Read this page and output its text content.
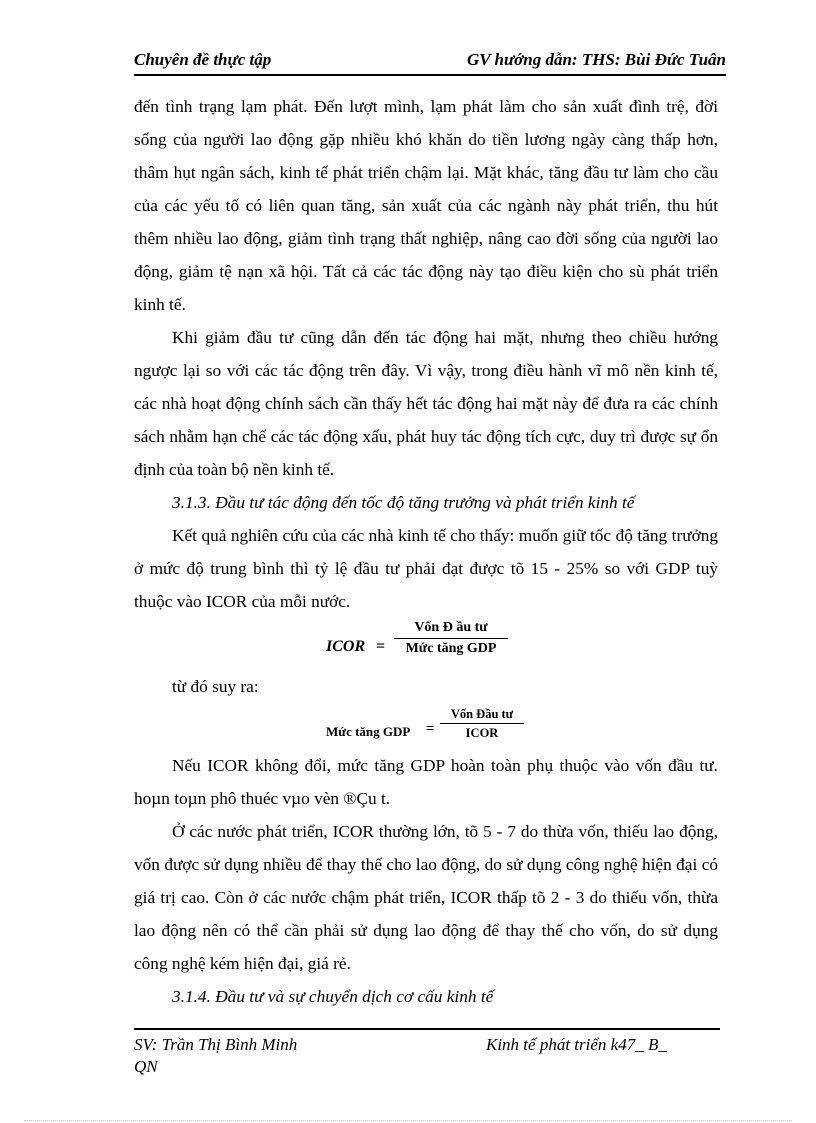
Chuyên đề thực tập	GV hướng dẫn: THS: Bùi Đức Tuân

đến tình trạng lạm phát. Đến lượt mình, lạm phát làm cho sản xuất đình trệ, đời sống của người lao động gặp nhiều khó khăn do tiền lương ngày càng thấp hơn, thâm hụt ngân sách, kinh tế phát triển chậm lại. Mặt khác, tăng đầu tư làm cho cầu của các yếu tố có liên quan tăng, sản xuất của các ngành này phát triển, thu hút thêm nhiều lao động, giảm tình trạng thất nghiệp, nâng cao đời sống của người lao động, giảm tệ nạn xã hội. Tất cả các tác động này tạo điều kiện cho sù phát triển kinh tế.

Khi giảm đầu tư cũng dẫn đến tác động hai mặt, nhưng theo chiều hướng ngược lại so với các tác động trên đây. Vì vậy, trong điều hành vĩ mô nền kinh tế, các nhà hoạt động chính sách cần thấy hết tác động hai mặt này để đưa ra các chính sách nhằm hạn chế các tác động xấu, phát huy tác động tích cực, duy trì được sự ổn định của toàn bộ nền kinh tế.

3.1.3. Đầu tư tác động đến tốc độ tăng trưởng và phát triển kinh tế

Kết quả nghiên cứu của các nhà kinh tế cho thấy: muốn giữ tốc độ tăng trưởng ở mức độ trung bình thì tỷ lệ đầu tư phải đạt được tõ 15 - 25% so với GDP tuỳ thuộc vào ICOR của mỗi nước.

ICOR =
Vốn Đ ầu tư
Mức tăng GDP

từ đó suy ra:

Mức tăng GDP =
Vốn Đầu tư
ICOR

Nếu ICOR không đổi, mức tăng GDP hoàn toàn phụ thuộc vào vốn đầu tư. hoµn toµn phô thuéc vµo vèn ®Çu t.

Ở các nước phát triển, ICOR thường lớn, tõ 5 - 7 do thừa vốn, thiếu lao động, vốn được sử dụng nhiều để thay thế cho lao động, do sử dụng công nghệ hiện đại có giá trị cao. Còn ở các nước chậm phát triển, ICOR thấp tõ 2 - 3 do thiếu vốn, thừa lao động nên có thể cần phải sử dụng lao động để thay thế cho vốn, do sử dụng công nghệ kém hiện đại, giá rẻ.

3.1.4. Đầu tư và sự chuyển dịch cơ cấu kinh tế

SV: Trần Thị Bình Minh	Kinh tế phát triển k47_ B_
QN
